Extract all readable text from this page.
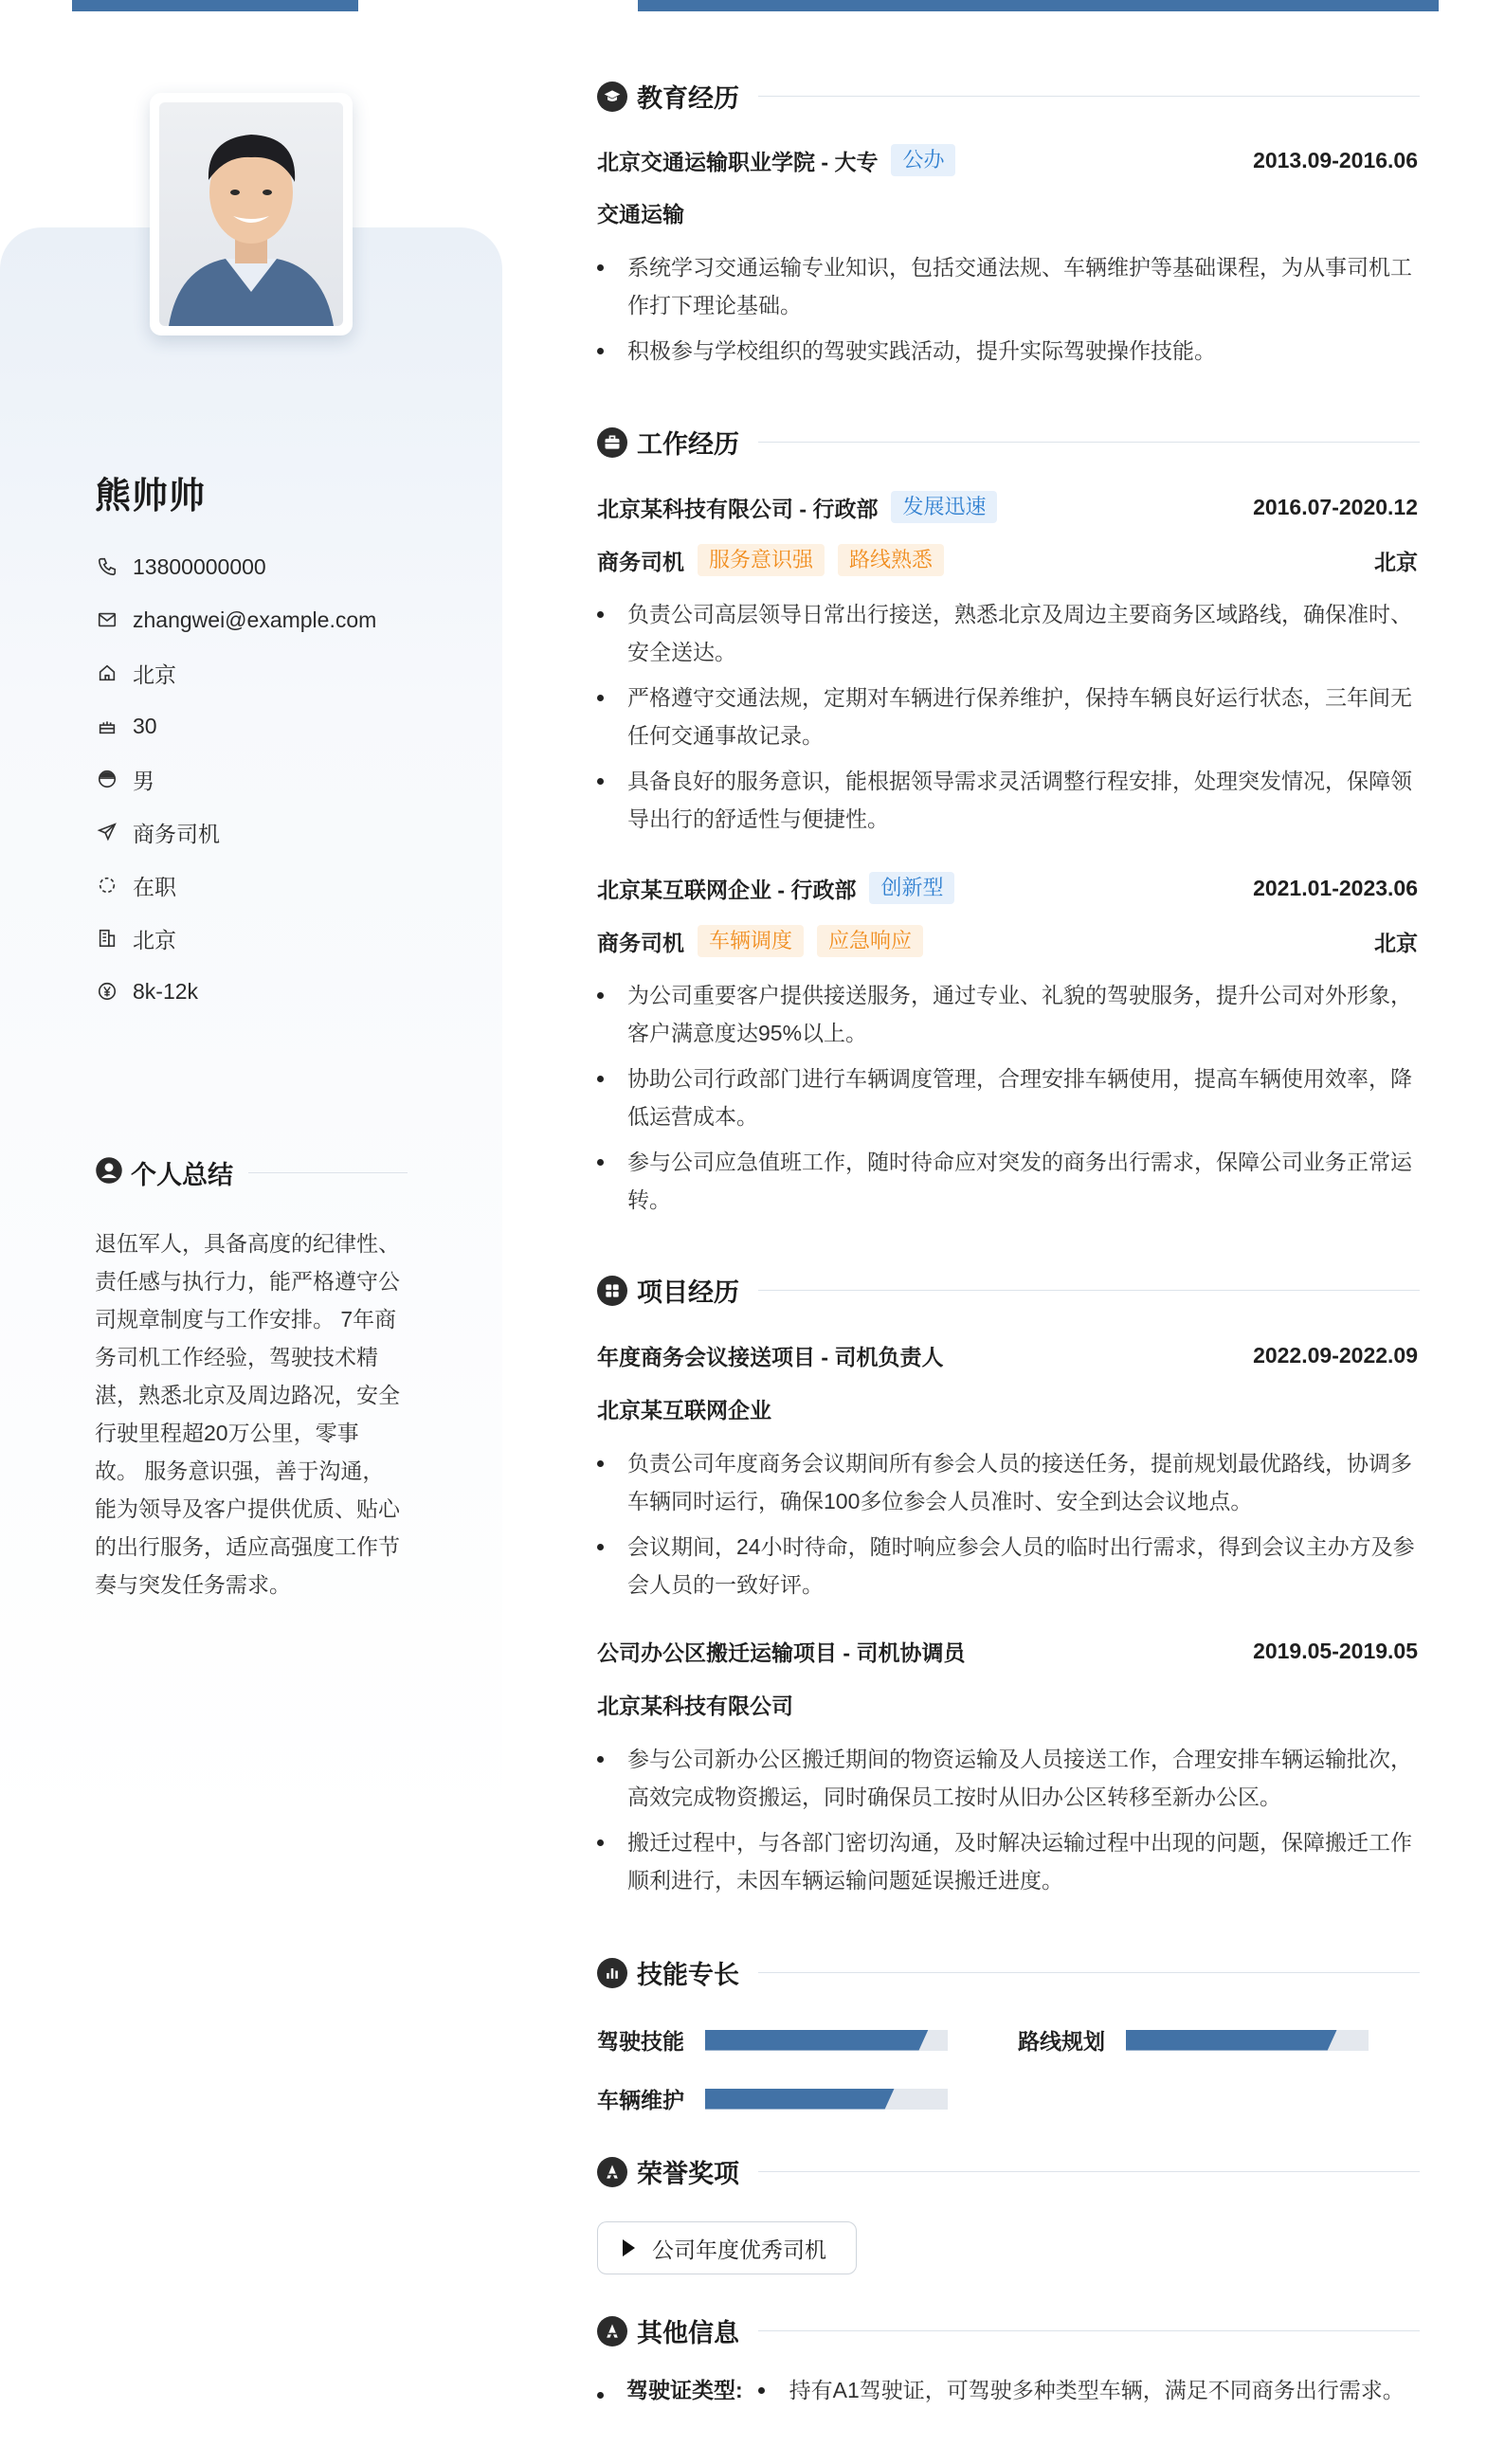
熊帅帅
13800000000
zhangwei@example.com
北京
30
男
商务司机
在职
北京
8k-12k
个人总结
退伍军人，具备高度的纪律性、责任感与执行力，能严格遵守公司规章制度与工作安排。 7年商务司机工作经验，驾驶技术精湛，熟悉北京及周边路况，安全行驶里程超20万公里，零事故。 服务意识强，善于沟通，能为领导及客户提供优质、贴心的出行服务，适应高强度工作节奏与突发任务需求。
教育经历
北京交通运输职业学院 - 大专	公办	2013.09-2016.06
交通运输
系统学习交通运输专业知识，包括交通法规、车辆维护等基础课程，为从事司机工作打下理论基础。
积极参与学校组织的驾驶实践活动，提升实际驾驶操作技能。
工作经历
北京某科技有限公司 - 行政部	发展迅速	2016.07-2020.12
商务司机	服务意识强	路线熟悉	北京
负责公司高层领导日常出行接送，熟悉北京及周边主要商务区域路线，确保准时、安全送达。
严格遵守交通法规，定期对车辆进行保养维护，保持车辆良好运行状态，三年间无任何交通事故记录。
具备良好的服务意识，能根据领导需求灵活调整行程安排，处理突发情况，保障领导出行的舒适性与便捷性。
北京某互联网企业 - 行政部	创新型	2021.01-2023.06
商务司机	车辆调度	应急响应	北京
为公司重要客户提供接送服务，通过专业、礼貌的驾驶服务，提升公司对外形象，客户满意度达95%以上。
协助公司行政部门进行车辆调度管理，合理安排车辆使用，提高车辆使用效率，降低运营成本。
参与公司应急值班工作，随时待命应对突发的商务出行需求，保障公司业务正常运转。
项目经历
年度商务会议接送项目 - 司机负责人	2022.09-2022.09
北京某互联网企业
负责公司年度商务会议期间所有参会人员的接送任务，提前规划最优路线，协调多车辆同时运行，确保100多位参会人员准时、安全到达会议地点。
会议期间，24小时待命，随时响应参会人员的临时出行需求，得到会议主办方及参会人员的一致好评。
公司办公区搬迁运输项目 - 司机协调员	2019.05-2019.05
北京某科技有限公司
参与公司新办公区搬迁期间的物资运输及人员接送工作，合理安排车辆运输批次，高效完成物资搬运，同时确保员工按时从旧办公区转移至新办公区。
搬迁过程中，与各部门密切沟通，及时解决运输过程中出现的问题，保障搬迁工作顺利进行，未因车辆运输问题延误搬迁进度。
技能专长
驾驶技能	路线规划
车辆维护
荣誉奖项
公司年度优秀司机
其他信息
驾驶证类型: 持有A1驾驶证，可驾驶多种类型车辆，满足不同商务出行需求。
